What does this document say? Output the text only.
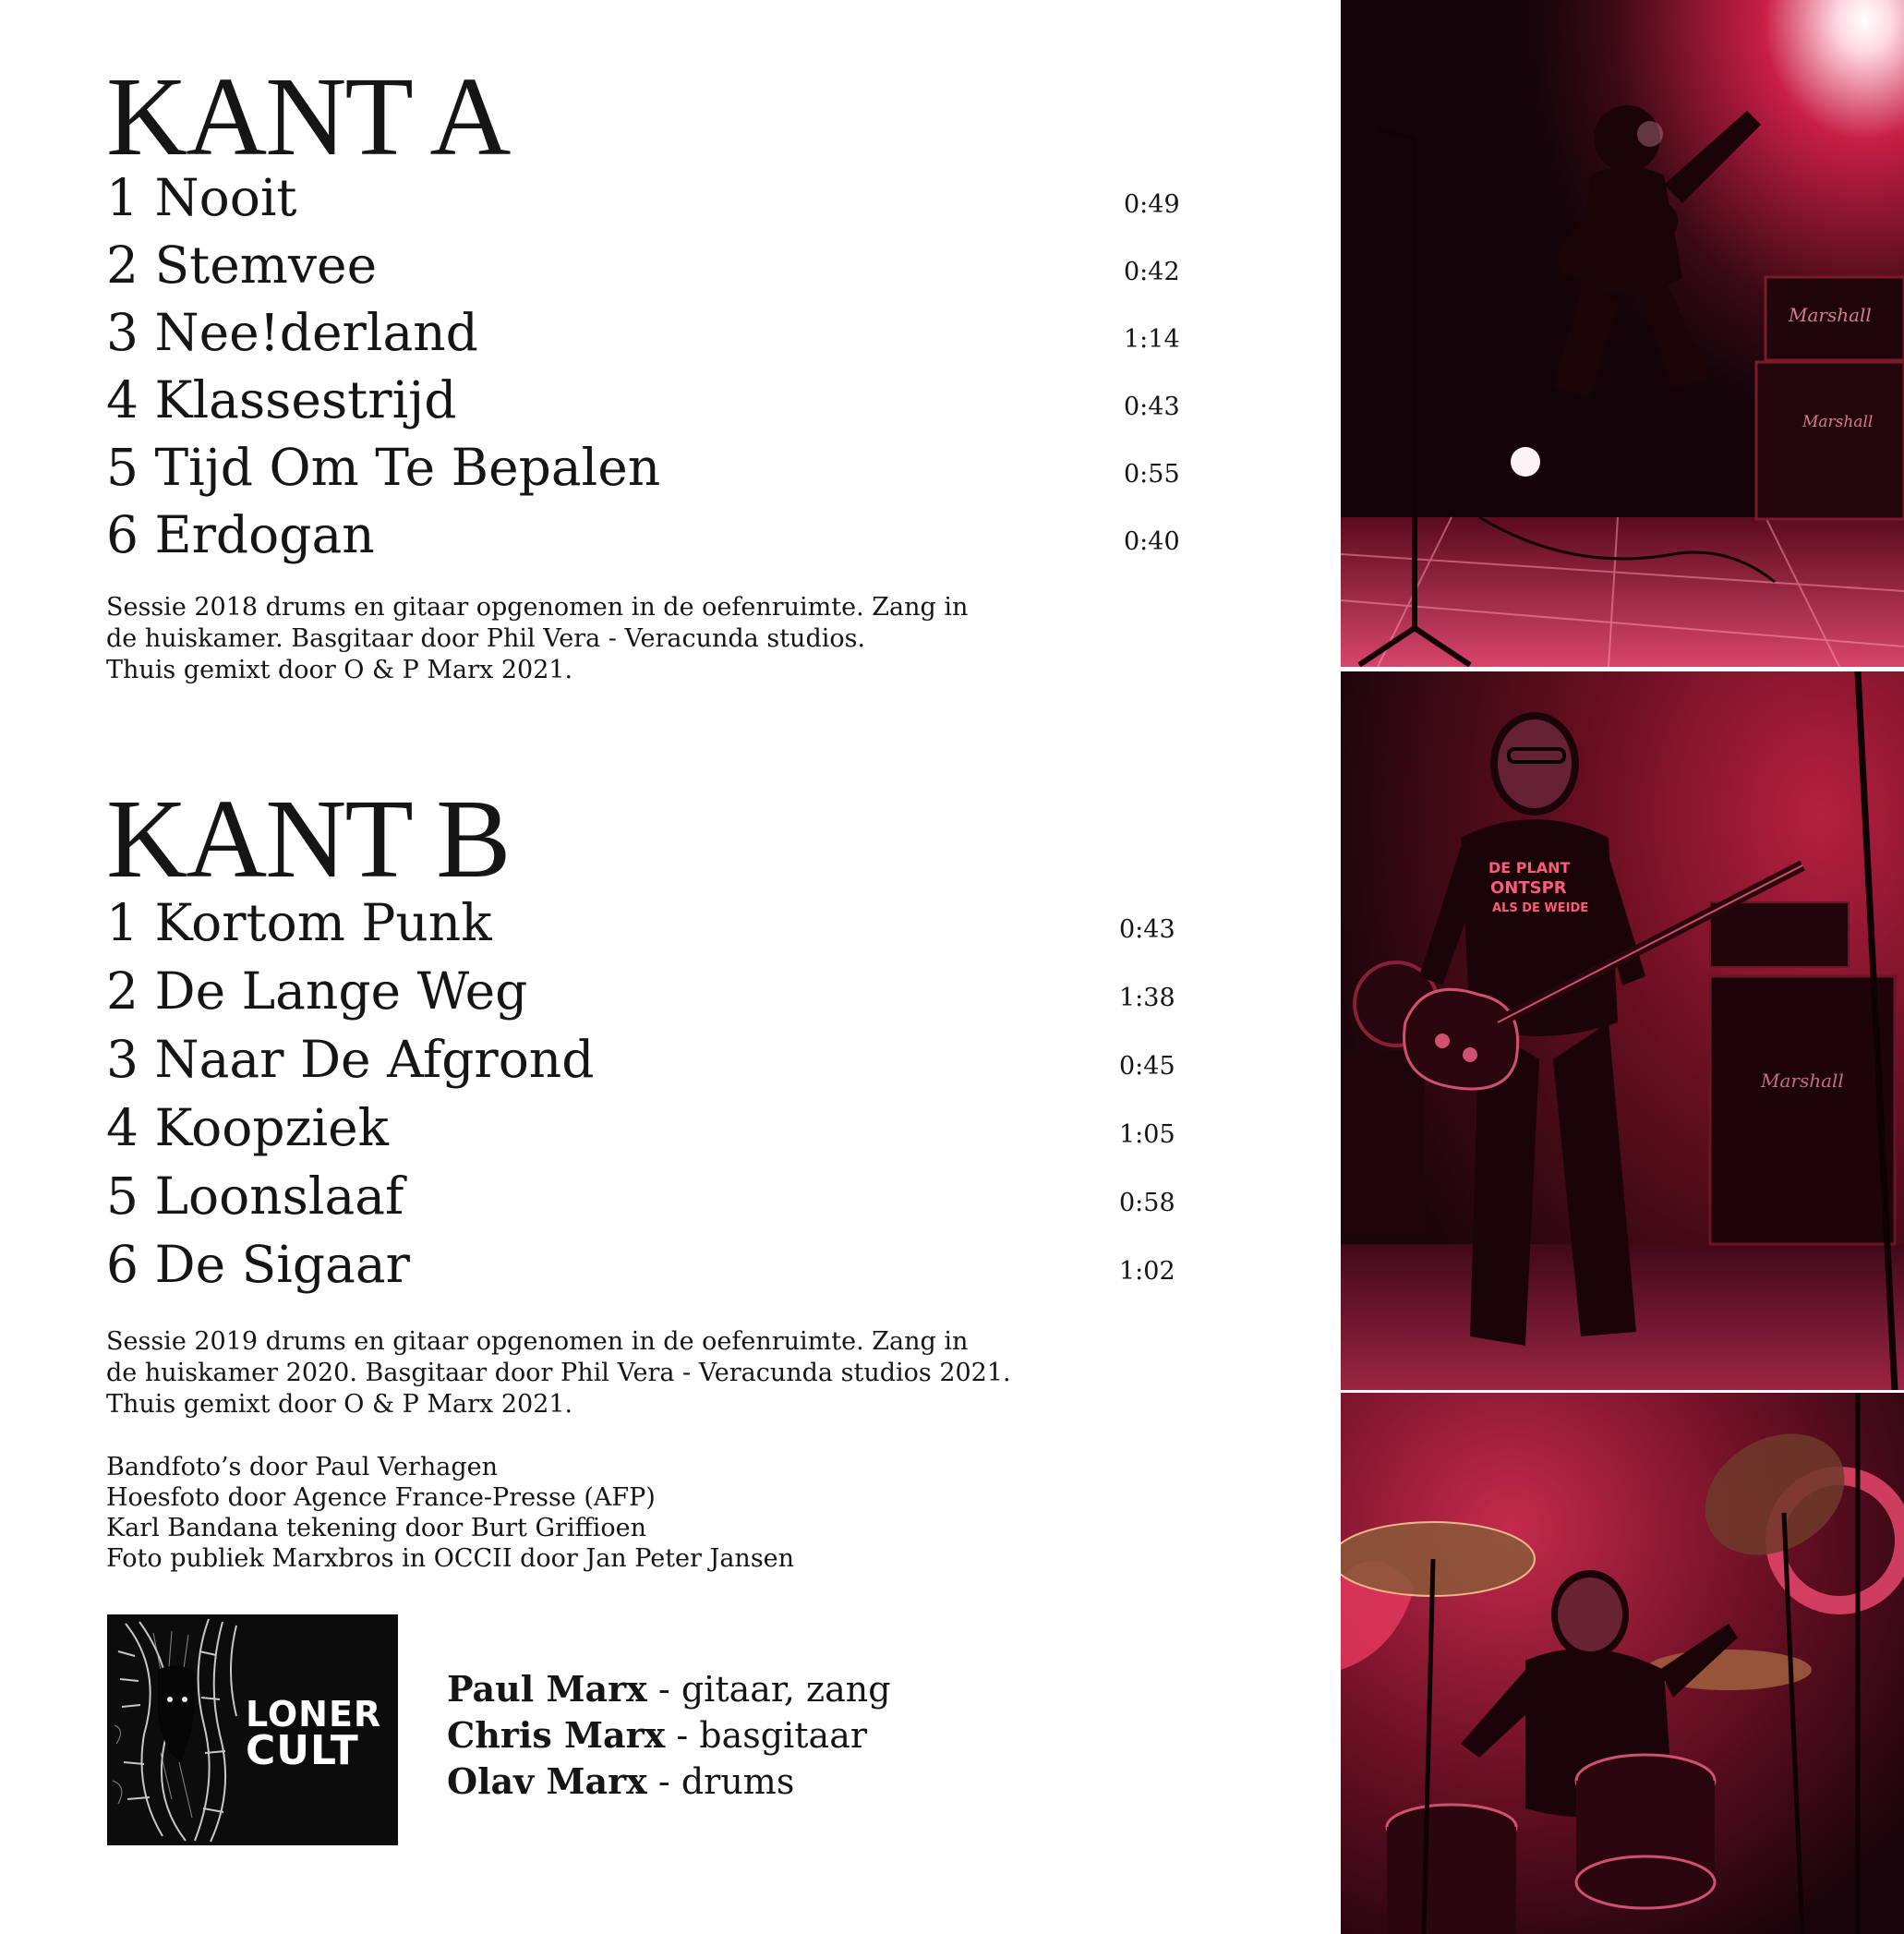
KANT A
1 Nooit	0:49
2 Stemvee	0:42
3 Nee!derland	1:14
4 Klassestrijd	0:43
5 Tijd Om Te Bepalen	0:55
6 Erdogan	0:40
Sessie 2018 drums en gitaar opgenomen in de oefenruimte. Zang in
de huiskamer. Basgitaar door Phil Vera - Veracunda studios.
Thuis gemixt door O & P Marx 2021.
KANT B
1 Kortom Punk	0:43
2 De Lange Weg	1:38
3 Naar De Afgrond	0:45
4 Koopziek	1:05
5 Loonslaaf	0:58
6 De Sigaar	1:02
Sessie 2019 drums en gitaar opgenomen in de oefenruimte. Zang in
de huiskamer 2020. Basgitaar door Phil Vera - Veracunda studios 2021.
Thuis gemixt door O & P Marx 2021.
Bandfoto’s door Paul Verhagen
Hoesfoto door Agence France-Presse (AFP)
Karl Bandana tekening door Burt Griffioen
Foto publiek Marxbros in OCCII door Jan Peter Jansen
LONER
CULT
Paul Marx - gitaar, zang
Chris Marx - basgitaar
Olav Marx - drums
Marshall
Marshall
Marshall
DE PLANT
ONTSPR
ALS DE WEIDE
